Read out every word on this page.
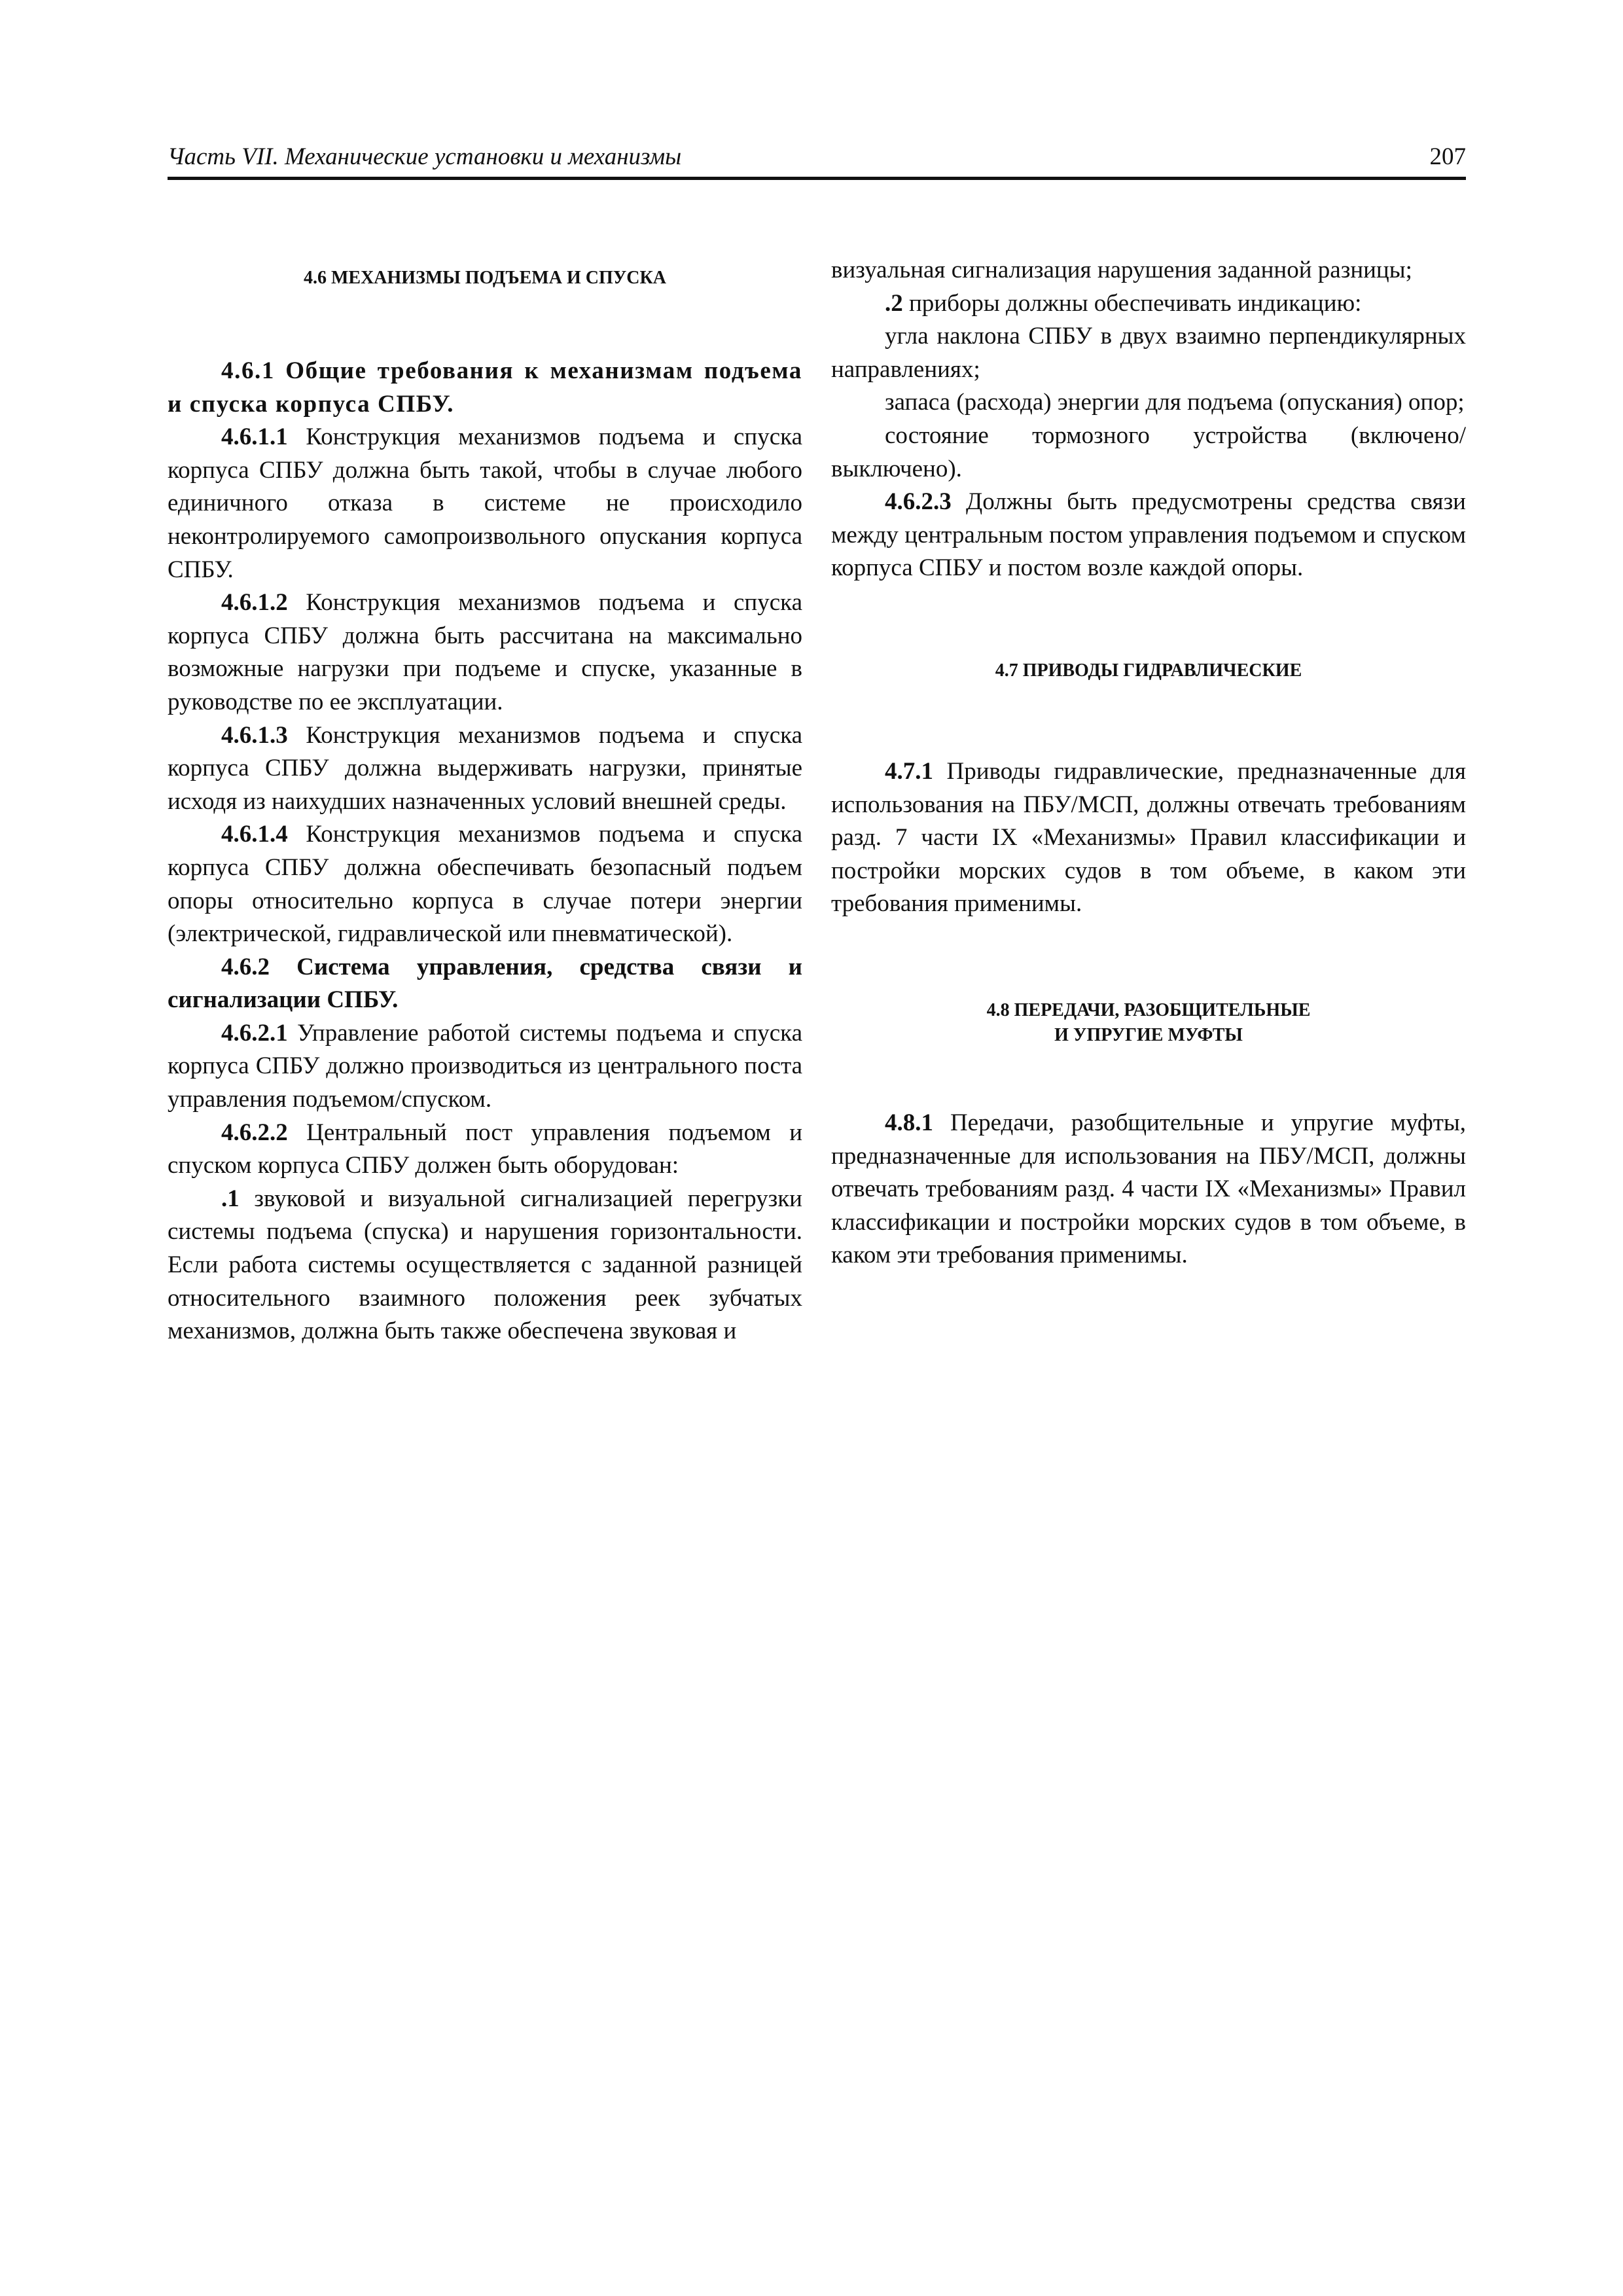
Часть VII. Механические установки и механизмы	207

4.6 МЕХАНИЗМЫ ПОДЪЕМА И СПУСКА

4.6.1 Общие требования к механизмам подъема и спуска корпуса СПБУ.

4.6.1.1 Конструкция механизмов подъема и спуска корпуса СПБУ должна быть такой, чтобы в случае любого единичного отказа в системе не происходило неконтролируемого самопроизвольного опускания корпуса СПБУ.

4.6.1.2 Конструкция механизмов подъема и спуска корпуса СПБУ должна быть рассчитана на максимально возможные нагрузки при подъеме и спуске, указанные в руководстве по ее эксплуатации.

4.6.1.3 Конструкция механизмов подъема и спуска корпуса СПБУ должна выдерживать нагрузки, принятые исходя из наихудших назначенных условий внешней среды.

4.6.1.4 Конструкция механизмов подъема и спуска корпуса СПБУ должна обеспечивать безопасный подъем опоры относительно корпуса в случае потери энергии (электрической, гидравлической или пневматической).

4.6.2 Система управления, средства связи и сигнализации СПБУ.

4.6.2.1 Управление работой системы подъема и спуска корпуса СПБУ должно производиться из центрального поста управления подъемом/спуском.

4.6.2.2 Центральный пост управления подъемом и спуском корпуса СПБУ должен быть оборудован:

.1 звуковой и визуальной сигнализацией перегрузки системы подъема (спуска) и нарушения горизонтальности. Если работа системы осуществляется с заданной разницей относительного взаимного положения реек зубчатых механизмов, должна быть также обеспечена звуковая и

визуальная сигнализация нарушения заданной разницы;

.2 приборы должны обеспечивать индикацию:

угла наклона СПБУ в двух взаимно перпендикулярных направлениях;

запаса (расхода) энергии для подъема (опускания) опор;

состояние тормозного устройства (включено/выключено).

4.6.2.3 Должны быть предусмотрены средства связи между центральным постом управления подъемом и спуском корпуса СПБУ и постом возле каждой опоры.

4.7 ПРИВОДЫ ГИДРАВЛИЧЕСКИЕ

4.7.1 Приводы гидравлические, предназначенные для использования на ПБУ/МСП, должны отвечать требованиям разд. 7 части IX «Механизмы» Правил классификации и постройки морских судов в том объеме, в каком эти требования применимы.

4.8 ПЕРЕДАЧИ, РАЗОБЩИТЕЛЬНЫЕ

И УПРУГИЕ МУФТЫ

4.8.1 Передачи, разобщительные и упругие муфты, предназначенные для использования на ПБУ/МСП, должны отвечать требованиям разд. 4 части IX «Механизмы» Правил классификации и постройки морских судов в том объеме, в каком эти требования применимы.
